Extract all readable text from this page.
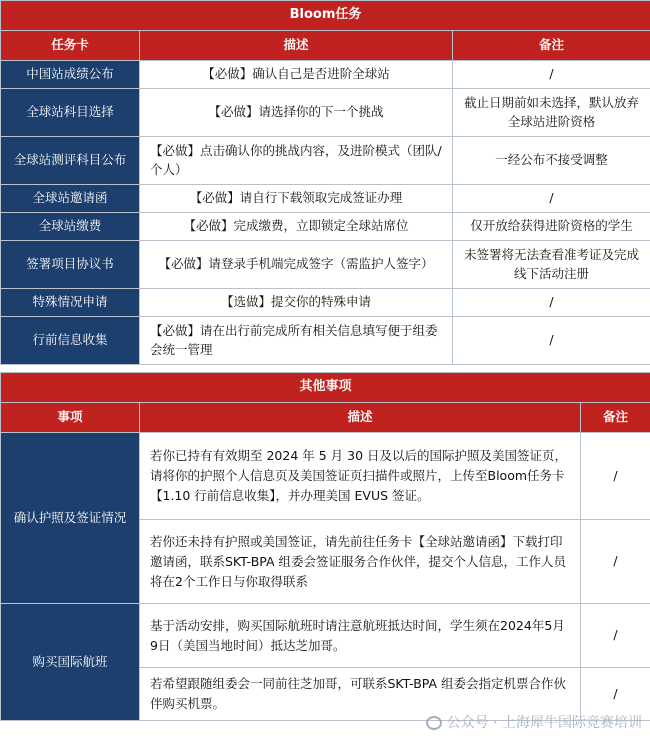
Bloom任务		
任务卡	描述	备注
中国站成绩公布	【必做】确认自己是否进阶全球站	/
全球站科目选择	【必做】请选择你的下一个挑战	截止日期前如未选择，默认放弃全球站进阶资格
全球站测评科目公布	【必做】点击确认你的挑战内容，及进阶模式（团队/个人）	一经公布不接受调整
全球站邀请函	【必做】请自行下载领取完成签证办理	/
全球站缴费	【必做】完成缴费，立即锁定全球站席位	仅开放给获得进阶资格的学生
签署项目协议书	【必做】请登录手机端完成签字（需监护人签字）	未签署将无法查看准考证及完成线下活动注册
特殊情况申请	【选做】提交你的特殊申请	/
行前信息收集	【必做】请在出行前完成所有相关信息填写便于组委会统一管理	/
其他事项		
事项	描述	备注
确认护照及签证情况	若你已持有有效期至 2024 年 5 月 30 日及以后的国际护照及美国签证页，请将你的护照个人信息页及美国签证页扫描件或照片，上传至Bloom任务卡【1.10 行前信息收集】，并办理美国 EVUS 签证。	/
	若你还未持有护照或美国签证，请先前往任务卡【全球站邀请函】下载打印邀请函，联系SKT-BPA 组委会签证服务合作伙伴，提交个人信息，工作人员将在2个工作日与你取得联系	/
购买国际航班	基于活动安排，购买国际航班时请注意航班抵达时间，学生须在2024年5月9日（美国当地时间）抵达芝加哥。	/
	若希望跟随组委会一同前往芝加哥，可联系SKT-BPA 组委会指定机票合作伙伴购买机票。	/
公众号 · 上海犀牛国际竞赛培训
